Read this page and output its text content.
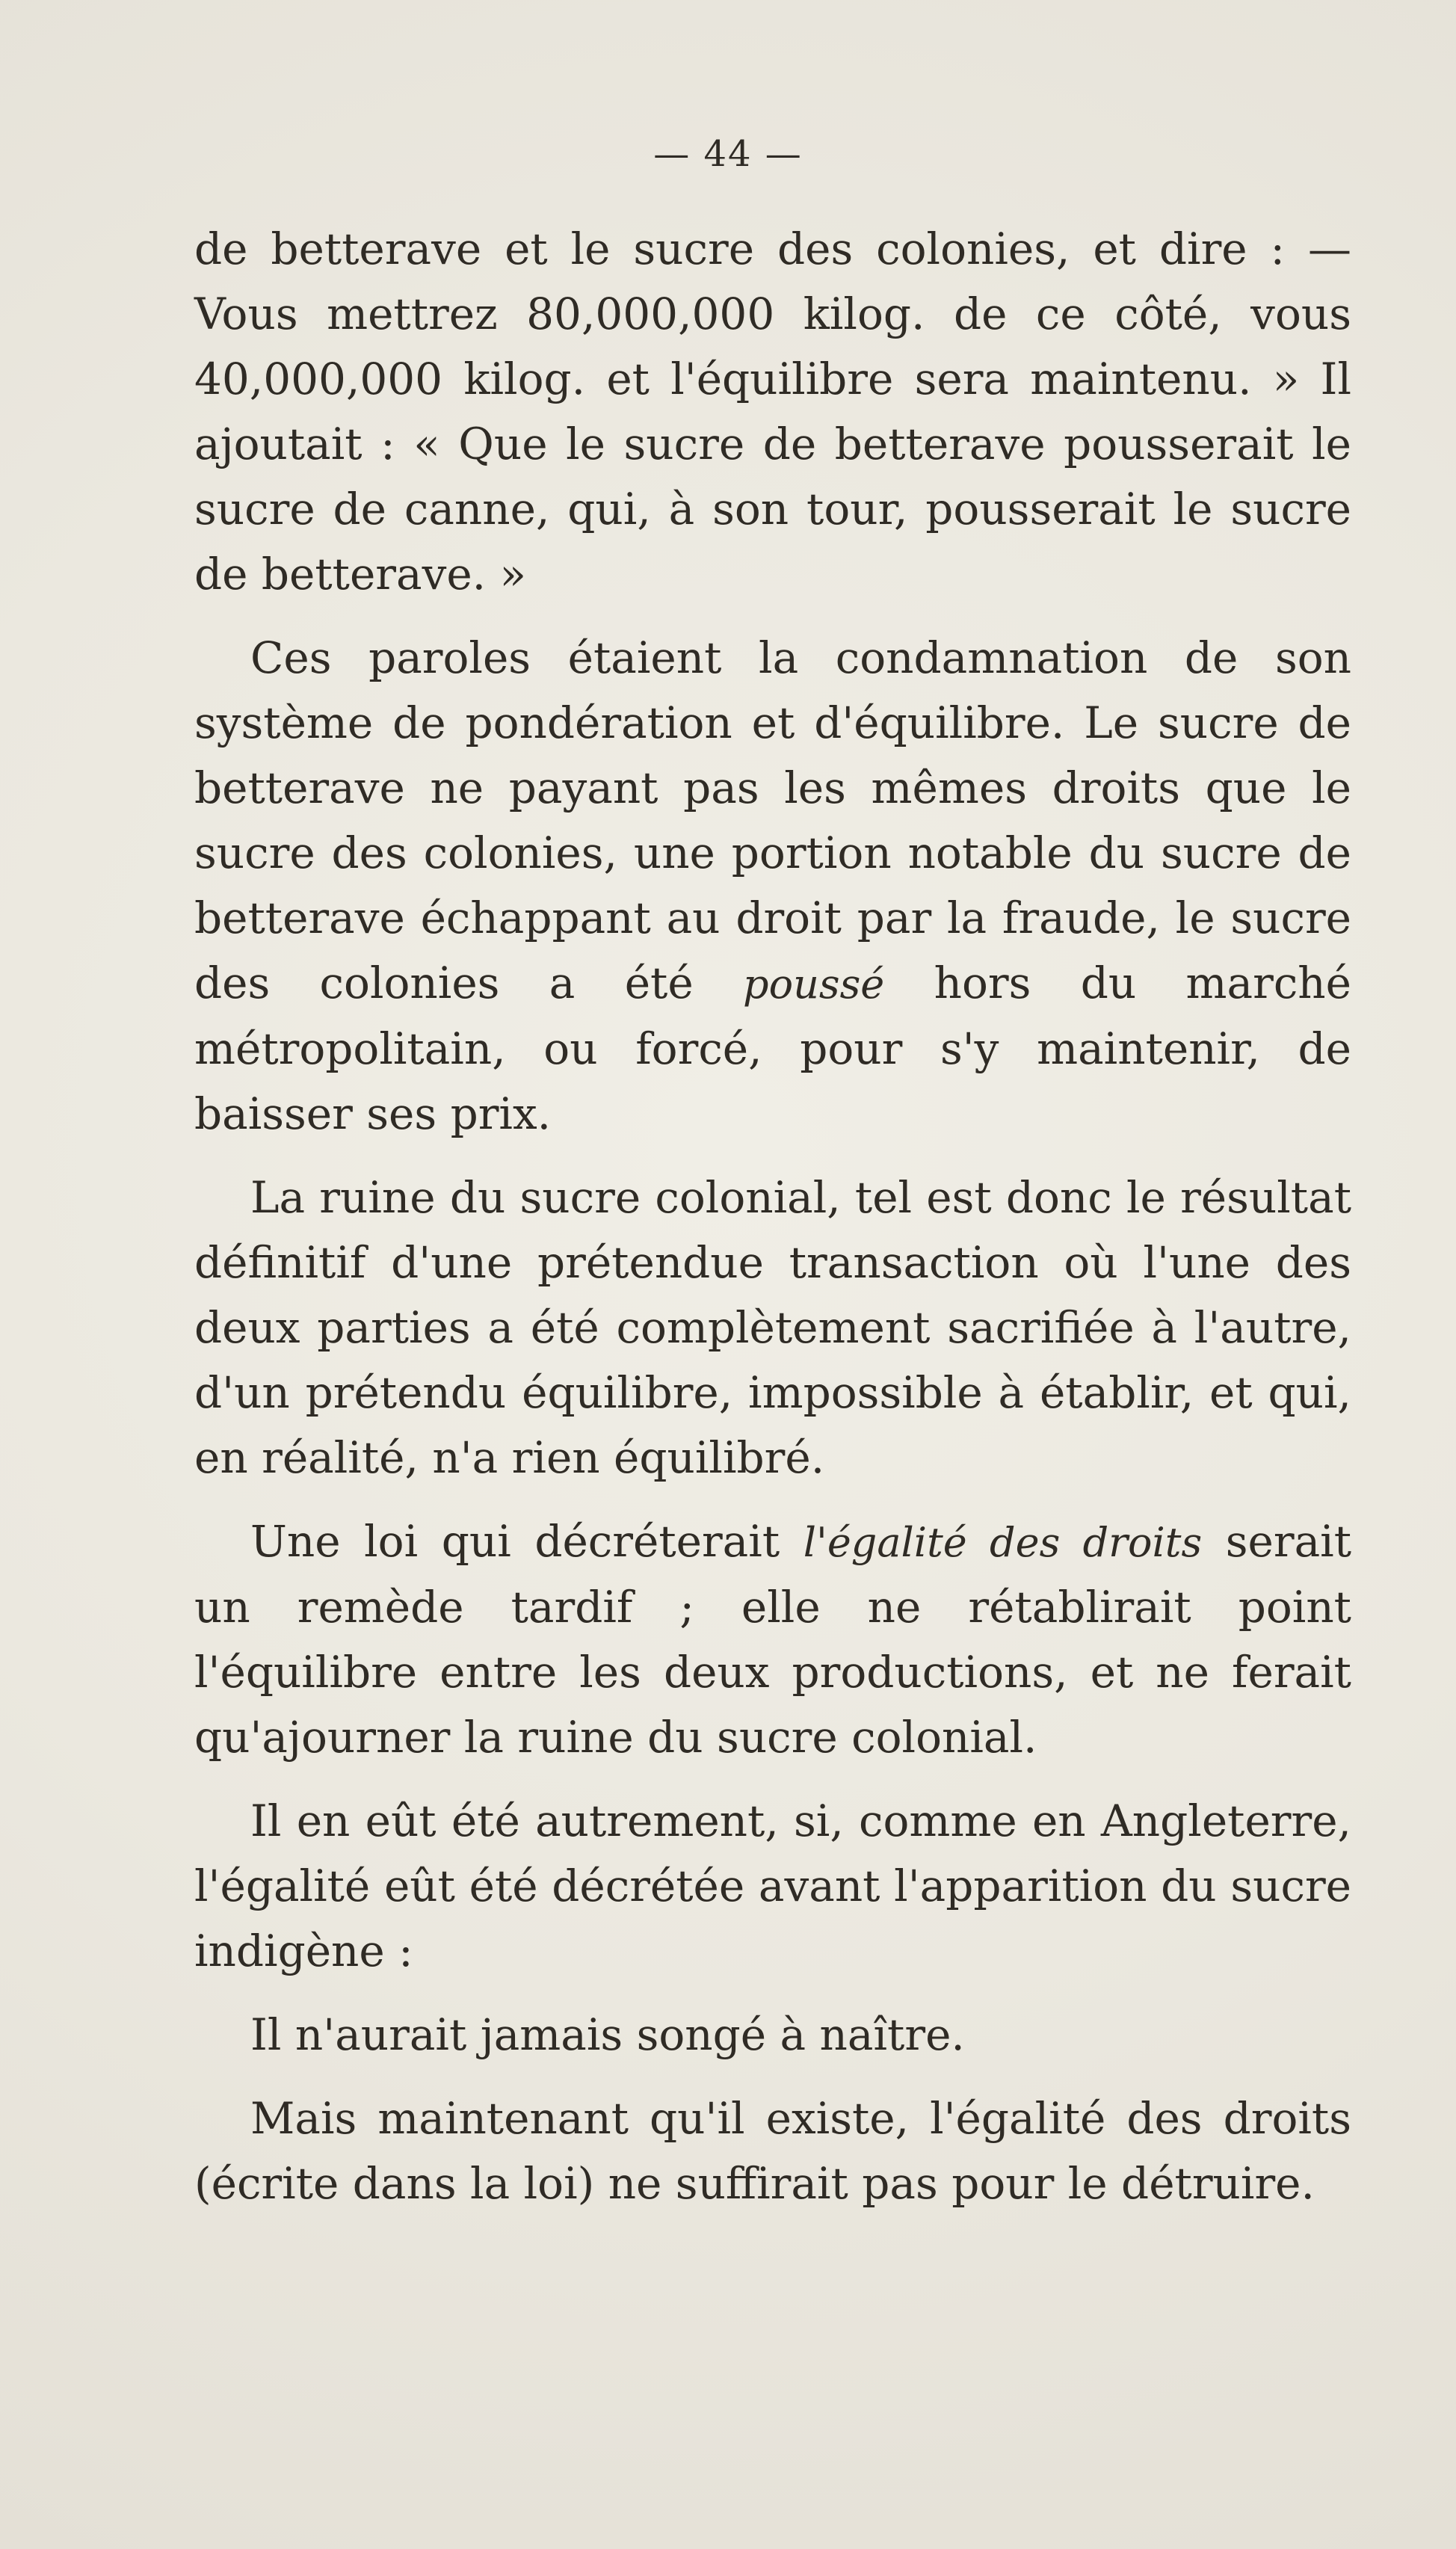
— 44 —

de betterave et le sucre des colonies, et dire : — Vous mettrez 80,000,000 kilog. de ce côté, vous 40,000,000 kilog. et l'équilibre sera maintenu. » Il ajoutait : « Que le sucre de betterave pousserait le sucre de canne, qui, à son tour, pousserait le sucre de betterave. »

Ces paroles étaient la condamnation de son système de pondération et d'équilibre. Le sucre de betterave ne payant pas les mêmes droits que le sucre des colonies, une portion notable du sucre de betterave échappant au droit par la fraude, le sucre des colonies a été poussé hors du marché métropolitain, ou forcé, pour s'y maintenir, de baisser ses prix.

La ruine du sucre colonial, tel est donc le résultat définitif d'une prétendue transaction où l'une des deux parties a été complètement sacrifiée à l'autre, d'un prétendu équilibre, impossible à établir, et qui, en réalité, n'a rien équilibré.

Une loi qui décréterait l'égalité des droits serait un remède tardif ; elle ne rétablirait point l'équilibre entre les deux productions, et ne ferait qu'ajourner la ruine du sucre colonial.

Il en eût été autrement, si, comme en Angleterre, l'égalité eût été décrétée avant l'apparition du sucre indigène :

Il n'aurait jamais songé à naître.

Mais maintenant qu'il existe, l'égalité des droits (écrite dans la loi) ne suffirait pas pour le détruire.
